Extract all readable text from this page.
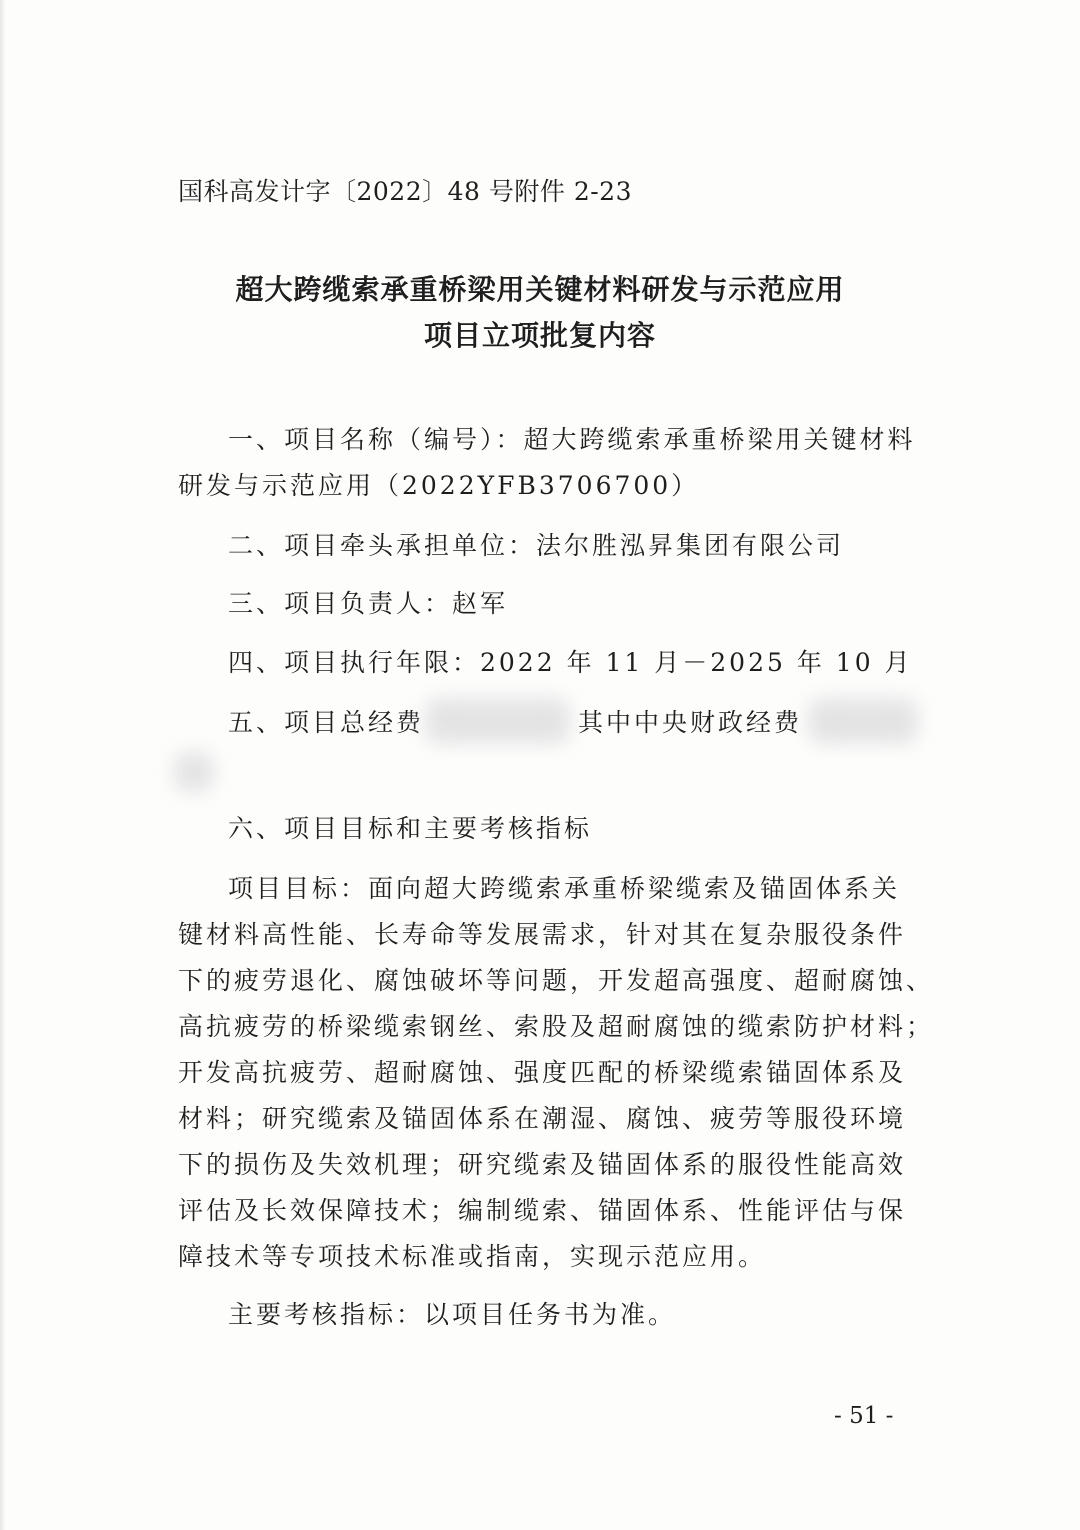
国科高发计字〔2022〕48 号附件 2-23
超大跨缆索承重桥梁用关键材料研发与示范应用
项目立项批复内容
一、项目名称（编号）：超大跨缆索承重桥梁用关键材料
研发与示范应用（2022YFB3706700）
二、项目牵头承担单位：法尔胜泓昇集团有限公司
三、项目负责人：赵军
四、项目执行年限：2022 年 11 月－2025 年 10 月
五、项目总经费	其中中央财政经费
六、项目目标和主要考核指标
项目目标：面向超大跨缆索承重桥梁缆索及锚固体系关
键材料高性能、长寿命等发展需求，针对其在复杂服役条件
下的疲劳退化、腐蚀破坏等问题，开发超高强度、超耐腐蚀、
高抗疲劳的桥梁缆索钢丝、索股及超耐腐蚀的缆索防护材料；
开发高抗疲劳、超耐腐蚀、强度匹配的桥梁缆索锚固体系及
材料；研究缆索及锚固体系在潮湿、腐蚀、疲劳等服役环境
下的损伤及失效机理；研究缆索及锚固体系的服役性能高效
评估及长效保障技术；编制缆索、锚固体系、性能评估与保
障技术等专项技术标准或指南，实现示范应用。
主要考核指标：以项目任务书为准。
- 51 -
